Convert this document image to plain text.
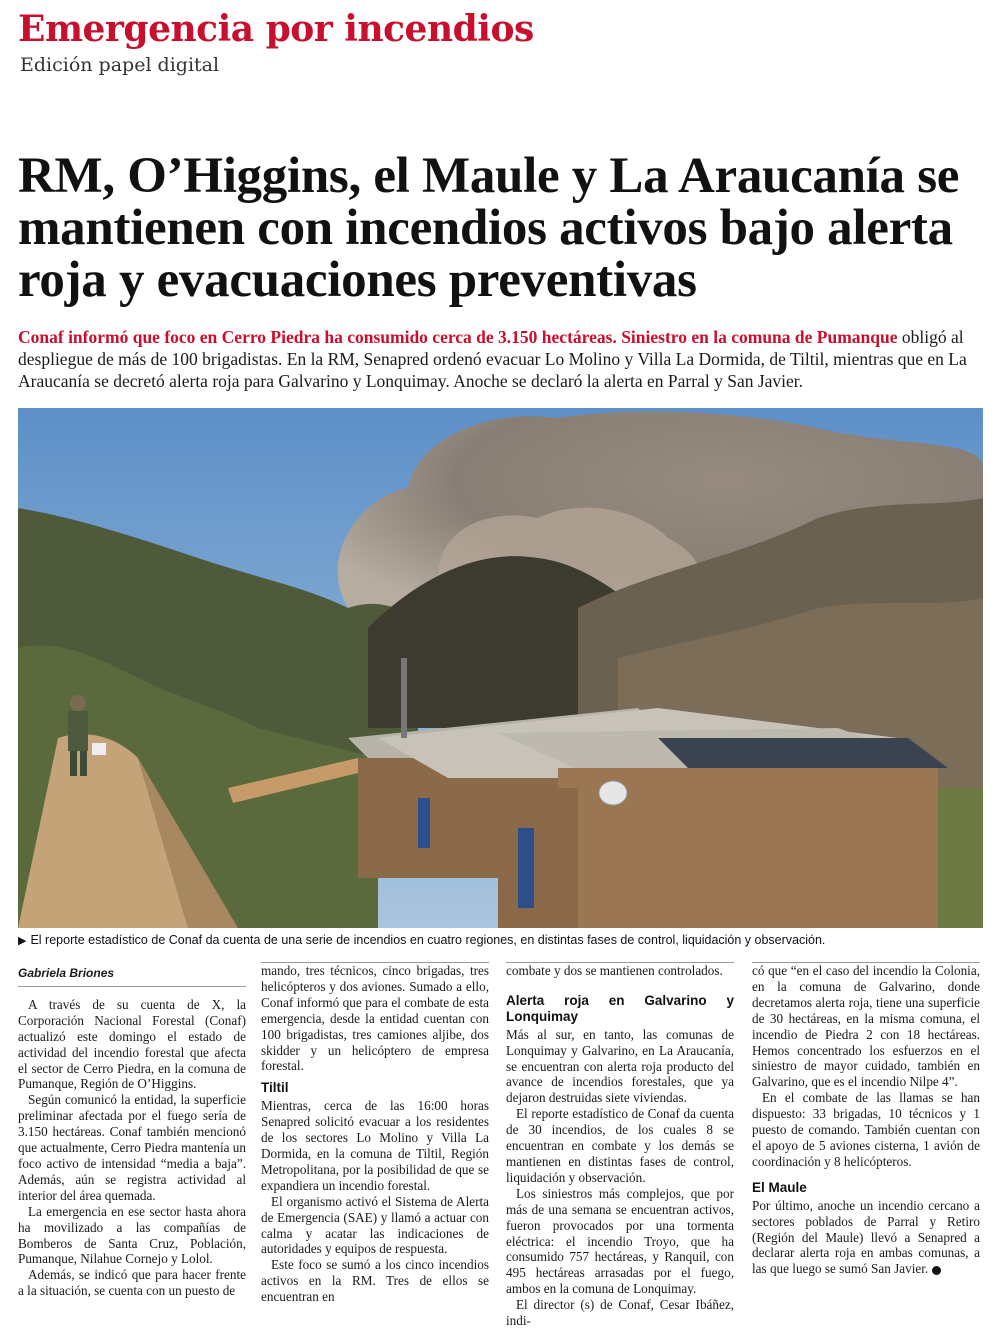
Emergencia por incendios
Edición papel digital
RM, O’Higgins, el Maule y La Araucanía se mantienen con incendios activos bajo alerta roja y evacuaciones preventivas

Conaf informó que foco en Cerro Piedra ha consumido cerca de 3.150 hectáreas. Siniestro en la comuna de Pumanque obligó al despliegue de más de 100 brigadistas. En la RM, Senapred ordenó evacuar Lo Molino y Villa La Dormida, de Tiltil, mientras que en La Araucanía se decretó alerta roja para Galvarino y Lonquimay. Anoche se declaró la alerta en Parral y San Javier.

▶ El reporte estadístico de Conaf da cuenta de una serie de incendios en cuatro regiones, en distintas fases de control, liquidación y observación.
Gabriela Briones

A través de su cuenta de X, la Corporación Nacional Forestal (Conaf) actualizó este domingo el estado de actividad del incendio forestal que afecta el sector de Cerro Piedra, en la comuna de Pumanque, Región de O’Higgins.

Según comunicó la entidad, la superficie preliminar afectada por el fuego sería de 3.150 hectáreas. Conaf también mencionó que actualmente, Cerro Piedra mantenía un foco activo de intensidad “media a baja”. Además, aún se registra actividad al interior del área quemada.

La emergencia en ese sector hasta ahora ha movilizado a las compañías de Bomberos de Santa Cruz, Población, Pumanque, Nilahue Cornejo y Lolol.

Además, se indicó que para hacer frente a la situación, se cuenta con un puesto de

mando, tres técnicos, cinco brigadas, tres helicópteros y dos aviones. Sumado a ello, Conaf informó que para el combate de esta emergencia, desde la entidad cuentan con 100 brigadistas, tres camiones aljibe, dos skidder y un helicóptero de empresa forestal.

Tiltil

Mientras, cerca de las 16:00 horas Senapred solicitó evacuar a los residentes de los sectores Lo Molino y Villa La Dormida, en la comuna de Tiltil, Región Metropolitana, por la posibilidad de que se expandiera un incendio forestal.

El organismo activó el Sistema de Alerta de Emergencia (SAE) y llamó a actuar con calma y acatar las indicaciones de autoridades y equipos de respuesta.

Este foco se sumó a los cinco incendios activos en la RM. Tres de ellos se encuentran en

combate y dos se mantienen controlados.

Alerta roja en Galvarino y Lonquimay

Más al sur, en tanto, las comunas de Lonquimay y Galvarino, en La Araucanía, se encuentran con alerta roja producto del avance de incendios forestales, que ya dejaron destruidas siete viviendas.

El reporte estadístico de Conaf da cuenta de 30 incendios, de los cuales 8 se encuentran en combate y los demás se mantienen en distintas fases de control, liquidación y observación.

Los siniestros más complejos, que por más de una semana se encuentran activos, fueron provocados por una tormenta eléctrica: el incendio Troyo, que ha consumido 757 hectáreas, y Ranquil, con 495 hectáreas arrasadas por el fuego, ambos en la comuna de Lonquimay.

El director (s) de Conaf, Cesar Ibáñez, indi-

có que “en el caso del incendio la Colonia, en la comuna de Galvarino, donde decretamos alerta roja, tiene una superficie de 30 hectáreas, en la misma comuna, el incendio de Piedra 2 con 18 hectáreas. Hemos concentrado los esfuerzos en el siniestro de mayor cuidado, también en Galvarino, que es el incendio Nilpe 4”.

En el combate de las llamas se han dispuesto: 33 brigadas, 10 técnicos y 1 puesto de comando. También cuentan con el apoyo de 5 aviones cisterna, 1 avión de coordinación y 8 helicópteros.

El Maule

Por último, anoche un incendio cercano a sectores poblados de Parral y Retiro (Región del Maule) llevó a Senapred a declarar alerta roja en ambas comunas, a las que luego se sumó San Javier.
